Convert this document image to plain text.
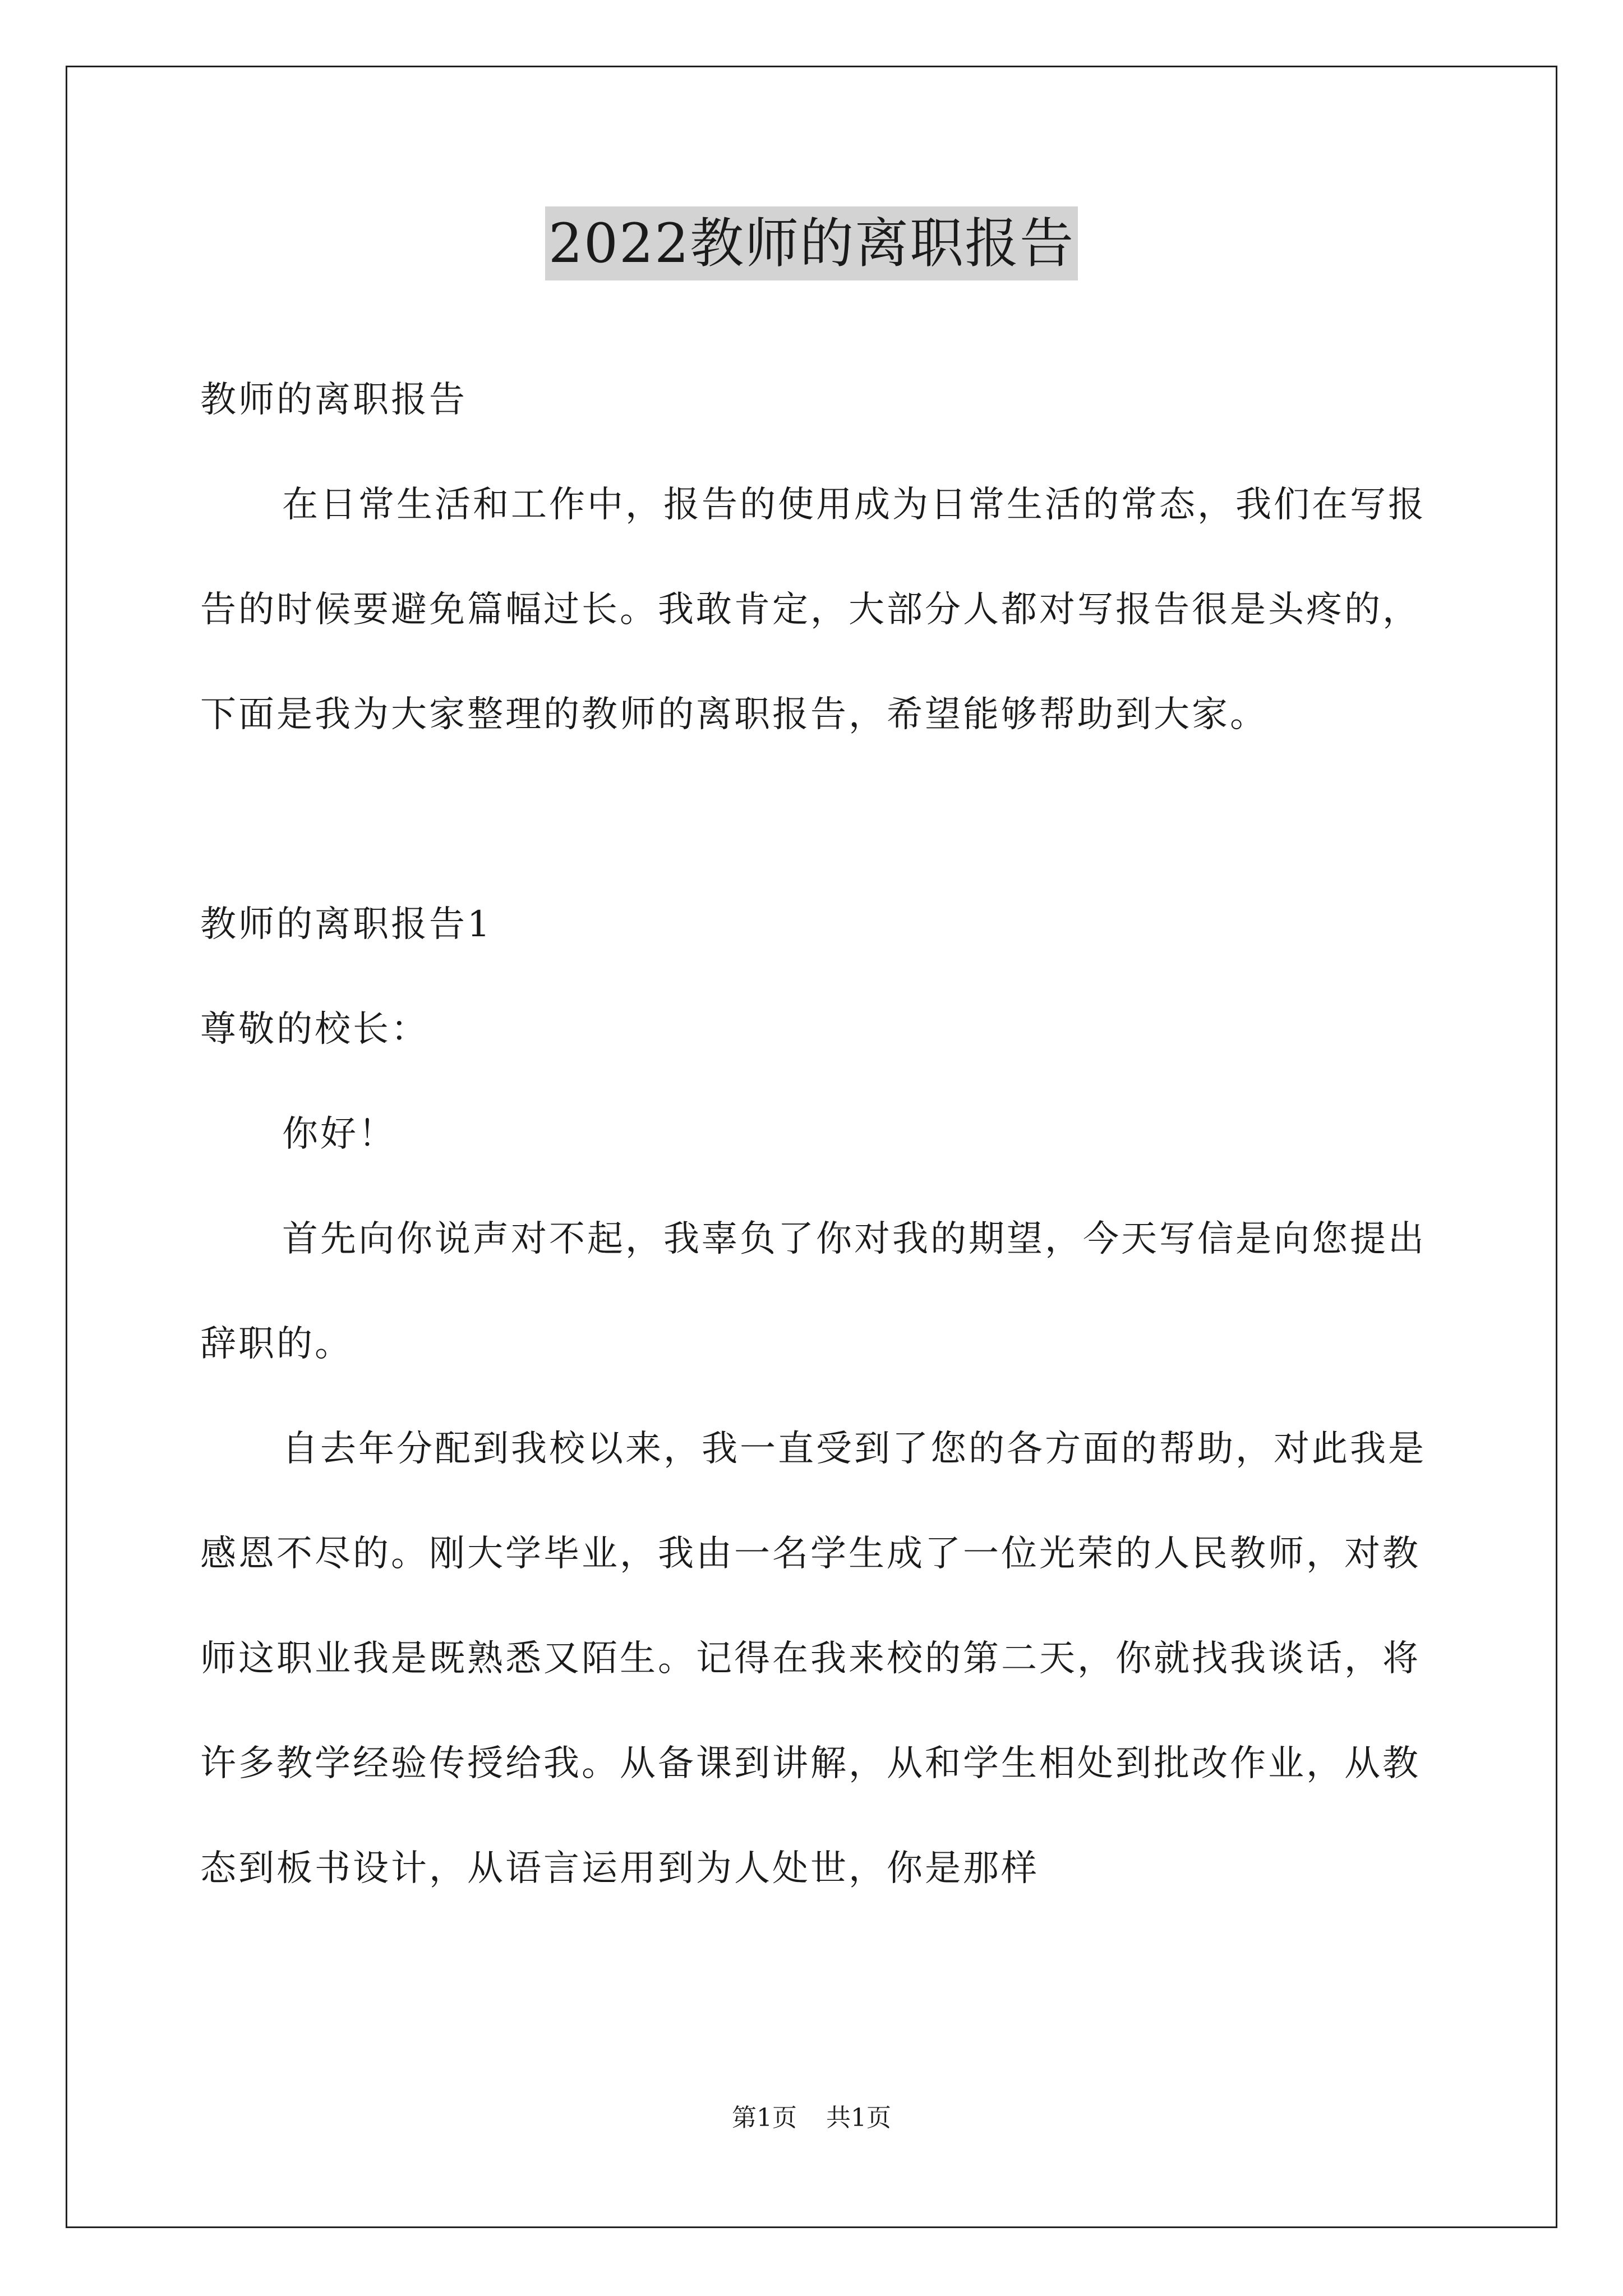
2022教师的离职报告

教师的离职报告

在日常生活和工作中，报告的使用成为日常生活的常态，我们在写报告的时候要避免篇幅过长。我敢肯定，大部分人都对写报告很是头疼的，下面是我为大家整理的教师的离职报告，希望能够帮助到大家。

教师的离职报告1

尊敬的校长：

你好！

首先向你说声对不起，我辜负了你对我的期望，今天写信是向您提出辞职的。

自去年分配到我校以来，我一直受到了您的各方面的帮助，对此我是感恩不尽的。刚大学毕业，我由一名学生成了一位光荣的人民教师，对教师这职业我是既熟悉又陌生。记得在我来校的第二天，你就找我谈话，将许多教学经验传授给我。从备课到讲解，从和学生相处到批改作业，从教态到板书设计，从语言运用到为人处世，你是那样

第1页 共1页
